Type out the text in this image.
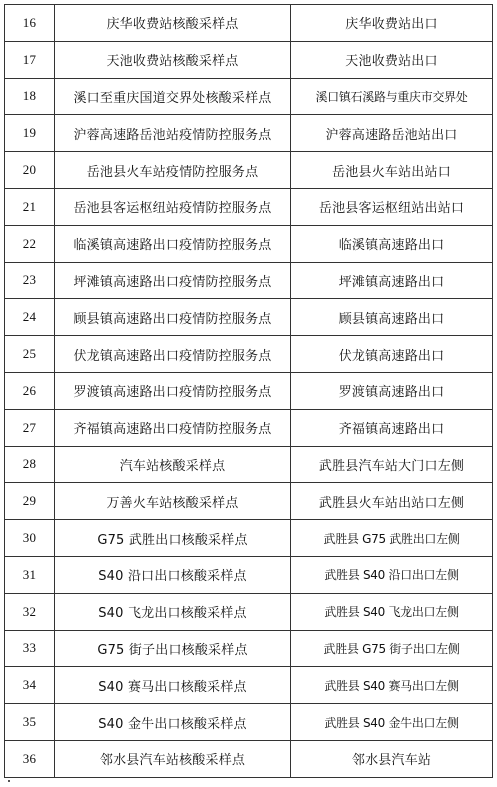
16	庆华收费站核酸采样点	庆华收费站出口
17	天池收费站核酸采样点	天池收费站出口
18	溪口至重庆国道交界处核酸采样点	溪口镇石溪路与重庆市交界处
19	沪蓉高速路岳池站疫情防控服务点	沪蓉高速路岳池站出口
20	岳池县火车站疫情防控服务点	岳池县火车站出站口
21	岳池县客运枢纽站疫情防控服务点	岳池县客运枢纽站出站口
22	临溪镇高速路出口疫情防控服务点	临溪镇高速路出口
23	坪滩镇高速路出口疫情防控服务点	坪滩镇高速路出口
24	顾县镇高速路出口疫情防控服务点	顾县镇高速路出口
25	伏龙镇高速路出口疫情防控服务点	伏龙镇高速路出口
26	罗渡镇高速路出口疫情防控服务点	罗渡镇高速路出口
27	齐福镇高速路出口疫情防控服务点	齐福镇高速路出口
28	汽车站核酸采样点	武胜县汽车站大门口左侧
29	万善火车站核酸采样点	武胜县火车站出站口左侧
30	G75 武胜出口核酸采样点	武胜县 G75 武胜出口左侧
31	S40 沿口出口核酸采样点	武胜县 S40 沿口出口左侧
32	S40 飞龙出口核酸采样点	武胜县 S40 飞龙出口左侧
33	G75 街子出口核酸采样点	武胜县 G75 街子出口左侧
34	S40 赛马出口核酸采样点	武胜县 S40 赛马出口左侧
35	S40 金牛出口核酸采样点	武胜县 S40 金牛出口左侧
36	邻水县汽车站核酸采样点	邻水县汽车站
